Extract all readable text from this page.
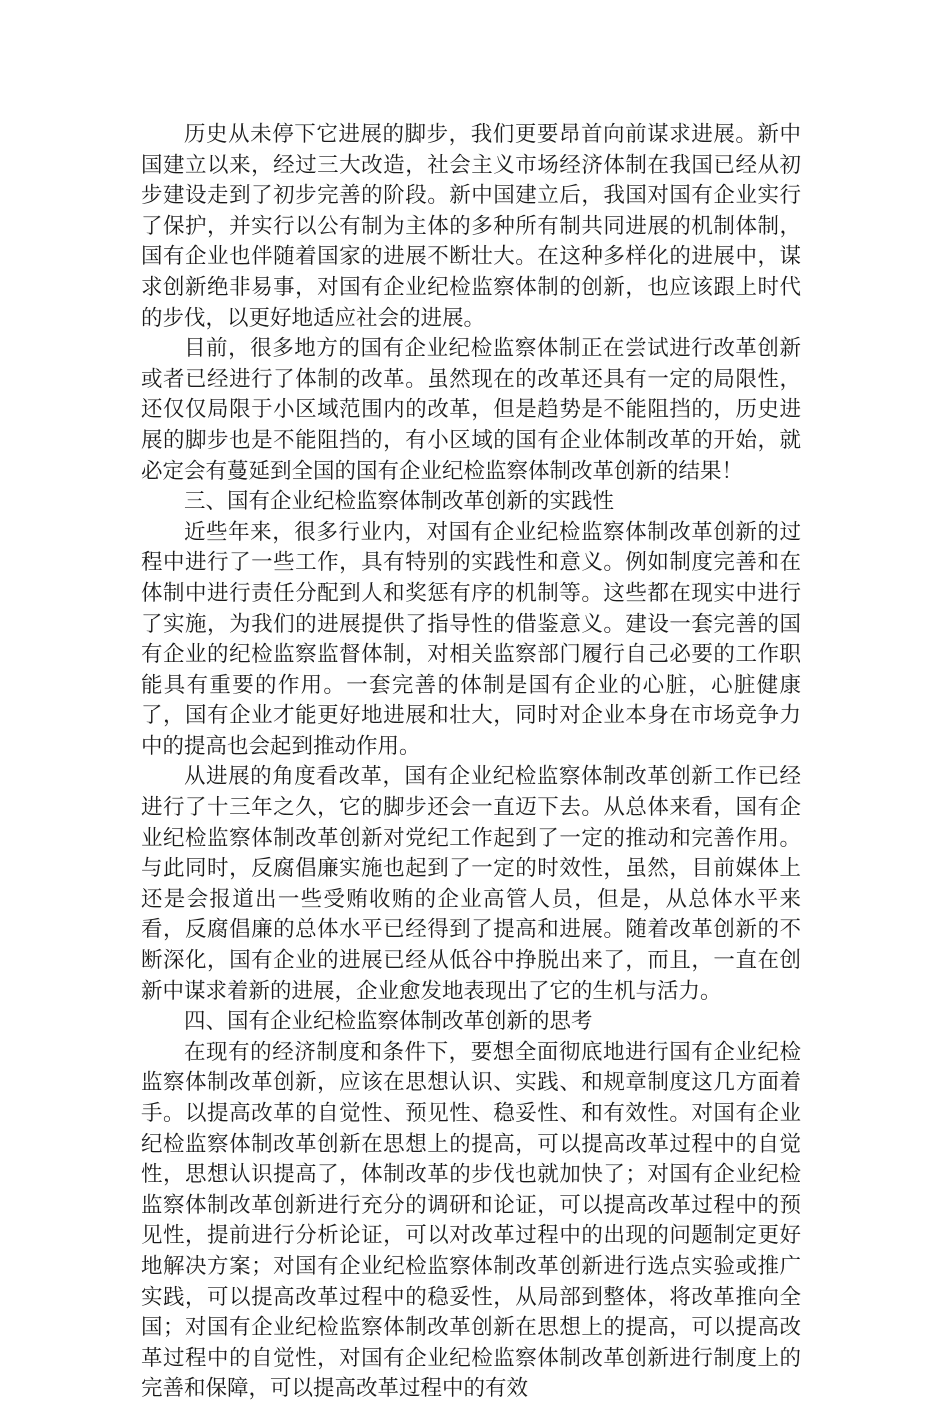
历史从未停下它进展的脚步，我们更要昂首向前谋求进展。新中国建立以来，经过三大改造，社会主义市场经济体制在我国已经从初步建设走到了初步完善的阶段。新中国建立后，我国对国有企业实行了保护，并实行以公有制为主体的多种所有制共同进展的机制体制，国有企业也伴随着国家的进展不断壮大。在这种多样化的进展中，谋求创新绝非易事，对国有企业纪检监察体制的创新，也应该跟上时代的步伐，以更好地适应社会的进展。

目前，很多地方的国有企业纪检监察体制正在尝试进行改革创新或者已经进行了体制的改革。虽然现在的改革还具有一定的局限性，还仅仅局限于小区域范围内的改革，但是趋势是不能阻挡的，历史进展的脚步也是不能阻挡的，有小区域的国有企业体制改革的开始，就必定会有蔓延到全国的国有企业纪检监察体制改革创新的结果！

三、国有企业纪检监察体制改革创新的实践性

近些年来，很多行业内，对国有企业纪检监察体制改革创新的过程中进行了一些工作，具有特别的实践性和意义。例如制度完善和在体制中进行责任分配到人和奖惩有序的机制等。这些都在现实中进行了实施，为我们的进展提供了指导性的借鉴意义。建设一套完善的国有企业的纪检监察监督体制，对相关监察部门履行自己必要的工作职能具有重要的作用。一套完善的体制是国有企业的心脏，心脏健康了，国有企业才能更好地进展和壮大，同时对企业本身在市场竞争力中的提高也会起到推动作用。

从进展的角度看改革，国有企业纪检监察体制改革创新工作已经进行了十三年之久，它的脚步还会一直迈下去。从总体来看，国有企业纪检监察体制改革创新对党纪工作起到了一定的推动和完善作用。与此同时，反腐倡廉实施也起到了一定的时效性，虽然，目前媒体上还是会报道出一些受贿收贿的企业高管人员，但是，从总体水平来看，反腐倡廉的总体水平已经得到了提高和进展。随着改革创新的不断深化，国有企业的进展已经从低谷中挣脱出来了，而且，一直在创新中谋求着新的进展，企业愈发地表现出了它的生机与活力。

四、国有企业纪检监察体制改革创新的思考

在现有的经济制度和条件下，要想全面彻底地进行国有企业纪检监察体制改革创新，应该在思想认识、实践、和规章制度这几方面着手。以提高改革的自觉性、预见性、稳妥性、和有效性。对国有企业纪检监察体制改革创新在思想上的提高，可以提高改革过程中的自觉性，思想认识提高了，体制改革的步伐也就加快了；对国有企业纪检监察体制改革创新进行充分的调研和论证，可以提高改革过程中的预见性，提前进行分析论证，可以对改革过程中的出现的问题制定更好地解决方案；对国有企业纪检监察体制改革创新进行选点实验或推广实践，可以提高改革过程中的稳妥性，从局部到整体，将改革推向全国；对国有企业纪检监察体制改革创新在思想上的提高，可以提高改革过程中的自觉性，对国有企业纪检监察体制改革创新进行制度上的完善和保障，可以提高改革过程中的有效
